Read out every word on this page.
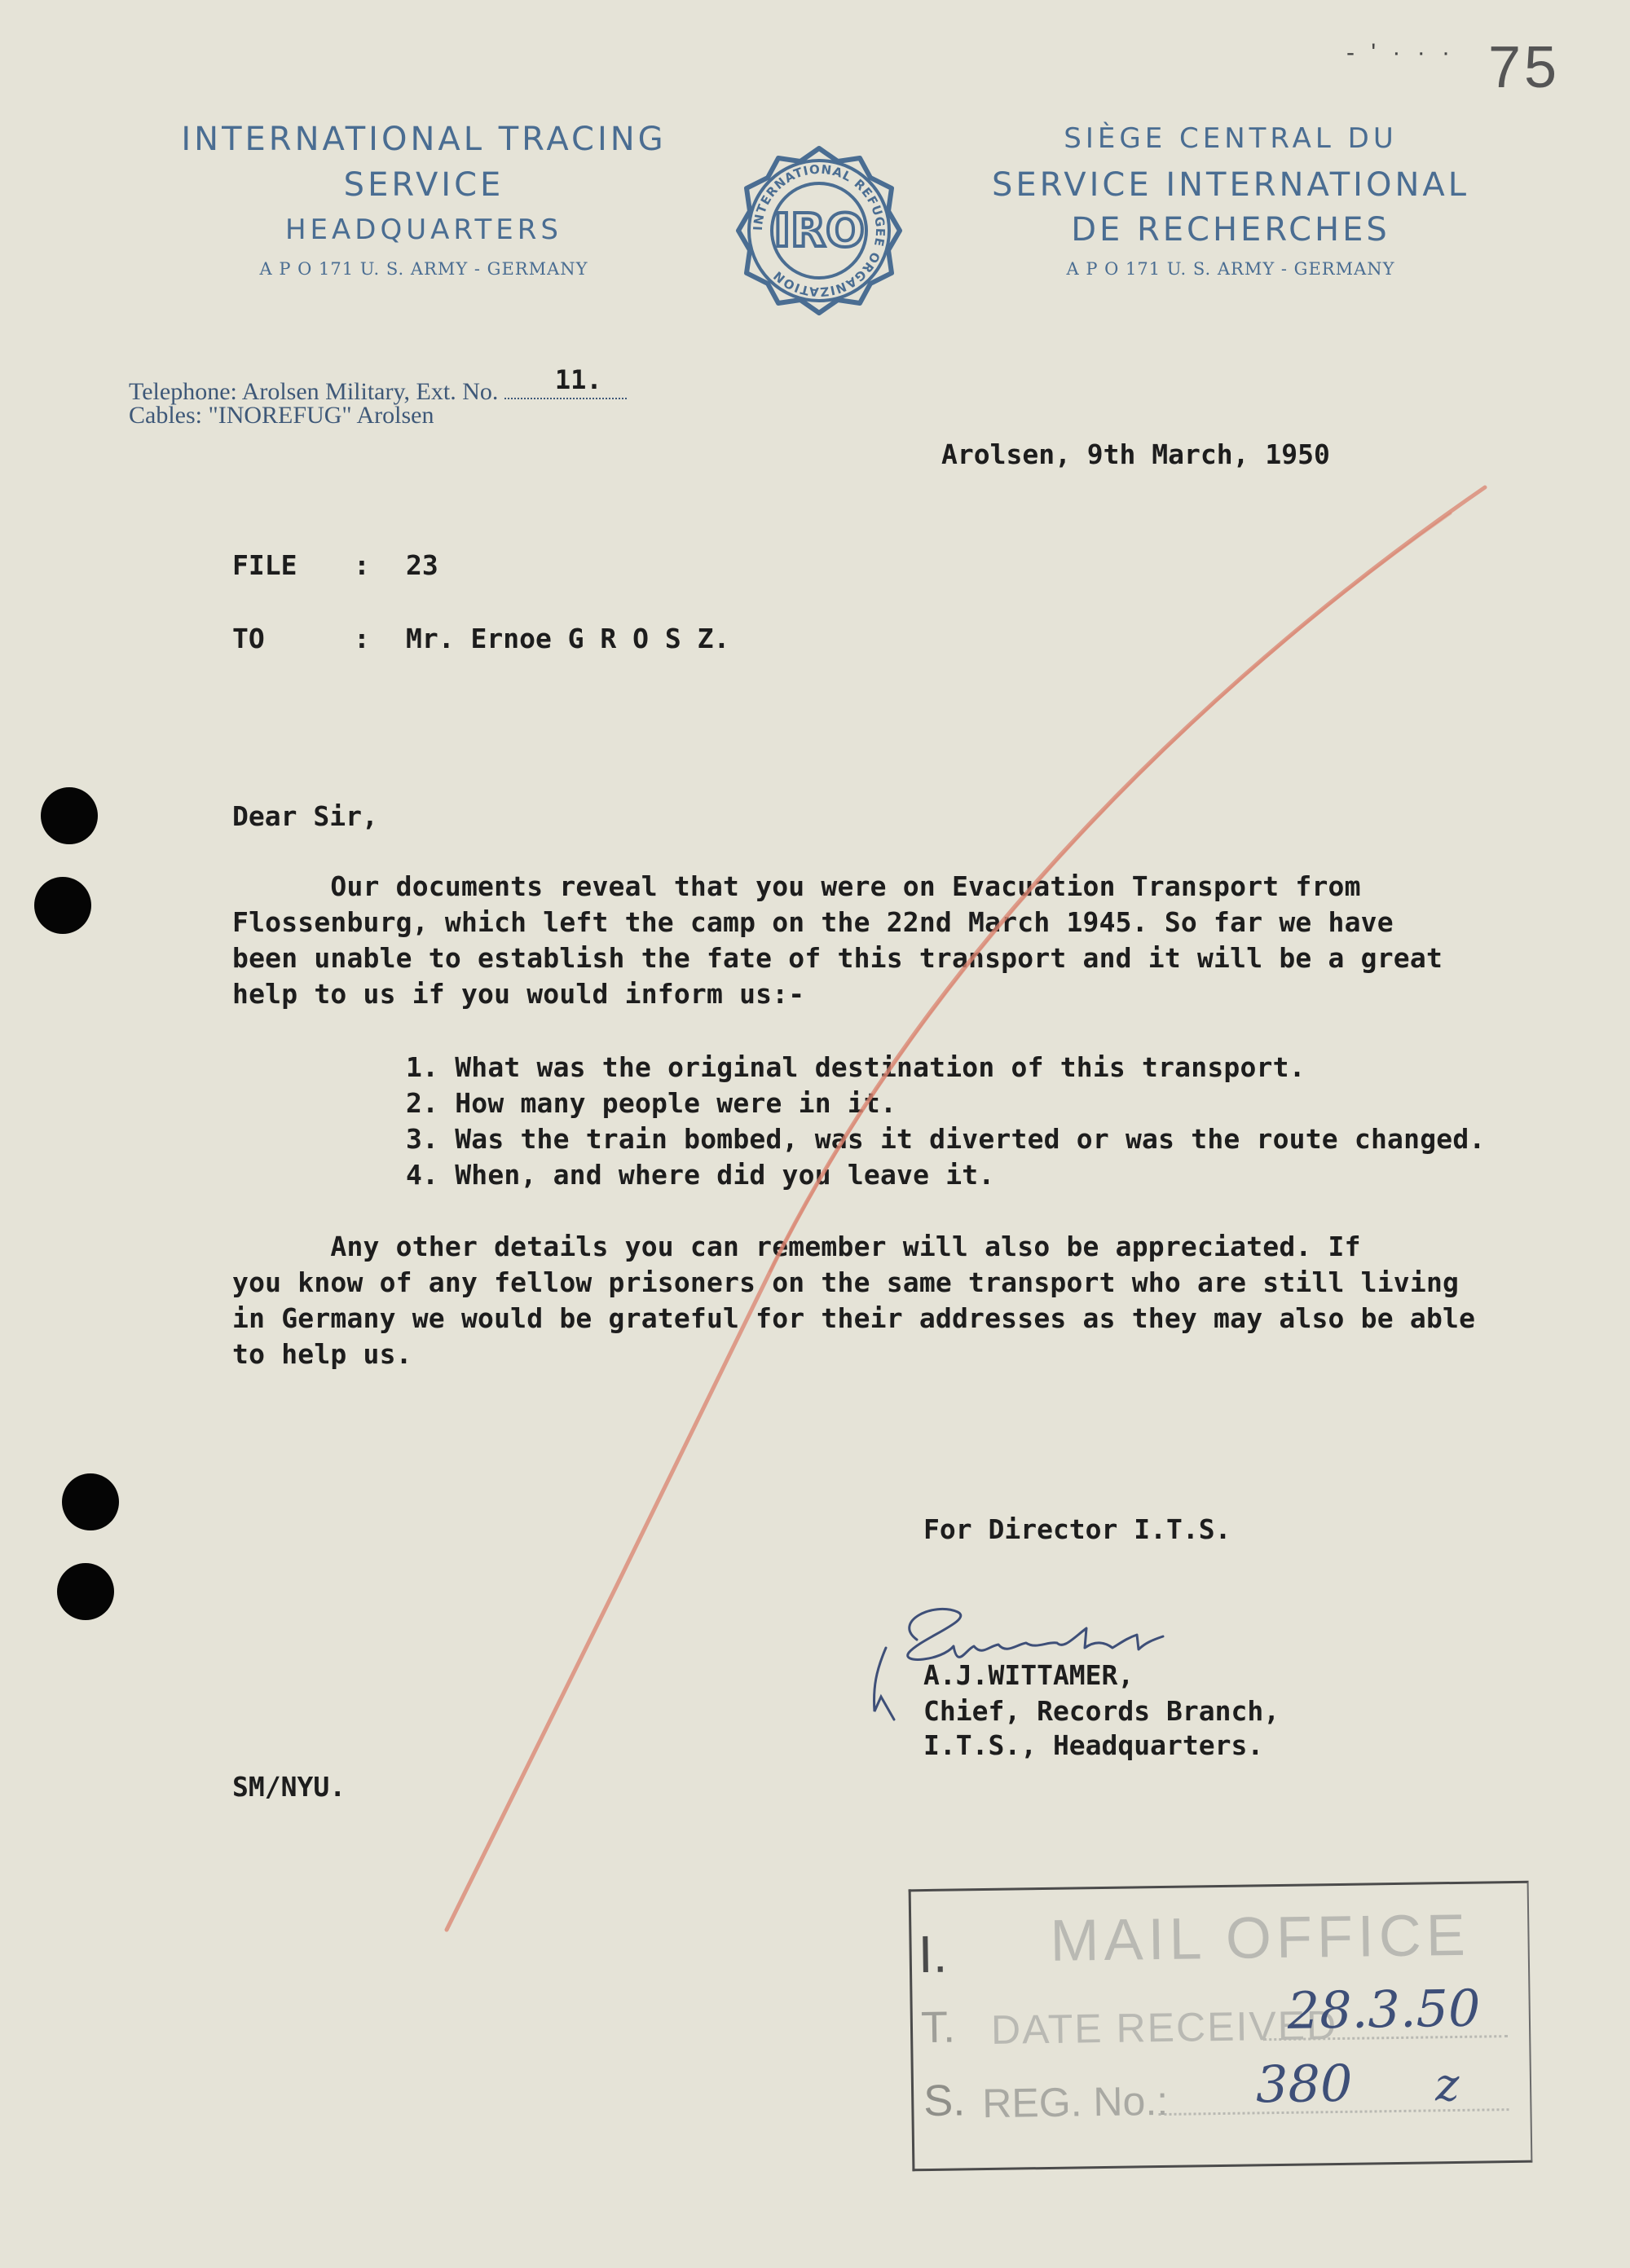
- ' · · · 75
INTERNATIONAL TRACING
SERVICE
HEADQUARTERS
A P O 171 U. S. ARMY - GERMANY
INTERNATIONAL REFUGEE ORGANIZATION
IRO
SIÈGE CENTRAL DU
SERVICE INTERNATIONAL
DE RECHERCHES
A P O 171 U. S. ARMY - GERMANY
Telephone: Arolsen Military, Ext. No. 11.
Cables: "INOREFUG" Arolsen
Arolsen, 9th March, 1950
FILE : 23
TO	: Mr. Ernoe G R O S Z.
Dear Sir,
Our documents reveal that you were on Evacuation Transport from
Flossenburg, which left the camp on the 22nd March 1945. So far we have
been unable to establish the fate of this transport and it will be a great
help to us if you would inform us:-
1. What was the original destination of this transport.
2. How many people were in it.
3. Was the train bombed, was it diverted or was the route changed.
4. When, and where did you leave it.
Any other details you can remember will also be appreciated. If
you know of any fellow prisoners on the same transport who are still living
in Germany we would be grateful for their addresses as they may also be able
to help us.
For Director I.T.S.
A.J.WITTAMER,
Chief, Records Branch,
I.T.S., Headquarters.
SM/NYU.
I. MAIL OFFICE
T. DATE RECEIVED
28.3.50
S. REG. No.: 380 z
